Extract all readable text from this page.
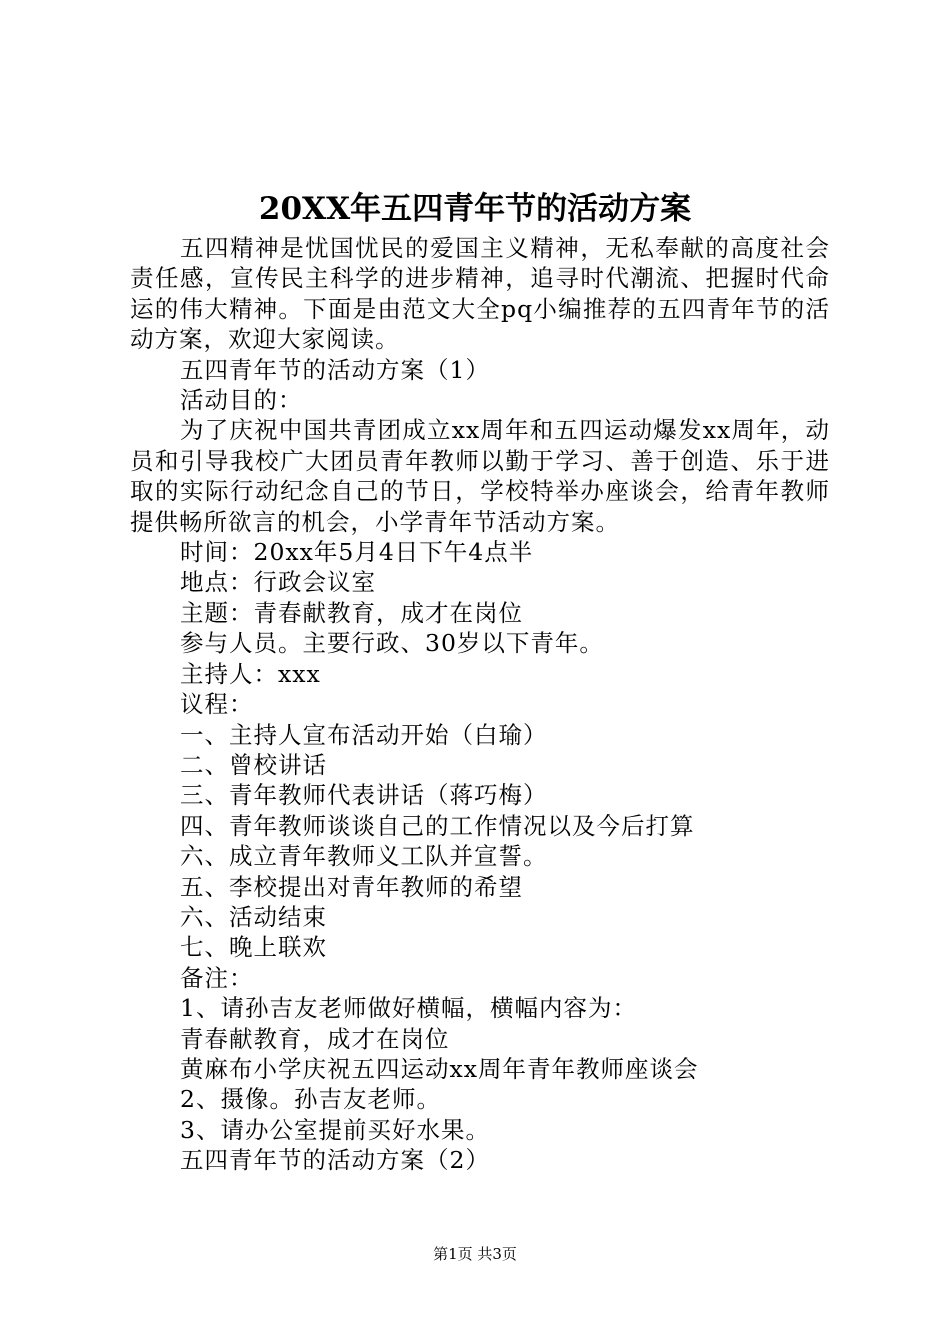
20XX年五四青年节的活动方案

五四精神是忧国忧民的爱国主义精神，无私奉献的高度社会责任感，宣传民主科学的进步精神，追寻时代潮流、把握时代命运的伟大精神。下面是由范文大全pq小编推荐的五四青年节的活动方案，欢迎大家阅读。

五四青年节的活动方案（1）

活动目的：

为了庆祝中国共青团成立xx周年和五四运动爆发xx周年，动员和引导我校广大团员青年教师以勤于学习、善于创造、乐于进取的实际行动纪念自己的节日，学校特举办座谈会，给青年教师提供畅所欲言的机会，小学青年节活动方案。

时间：20xx年5月4日下午4点半

地点：行政会议室

主题：青春献教育，成才在岗位

参与人员。主要行政、30岁以下青年。

主持人：xxx

议程：

一、主持人宣布活动开始（白瑜）

二、曾校讲话

三、青年教师代表讲话（蒋巧梅）

四、青年教师谈谈自己的工作情况以及今后打算

六、成立青年教师义工队并宣誓。

五、李校提出对青年教师的希望

六、活动结束

七、晚上联欢

备注：

1、请孙吉友老师做好横幅，横幅内容为：

青春献教育，成才在岗位

黄麻布小学庆祝五四运动xx周年青年教师座谈会

2、摄像。孙吉友老师。

3、请办公室提前买好水果。

五四青年节的活动方案（2）

第1页 共3页
